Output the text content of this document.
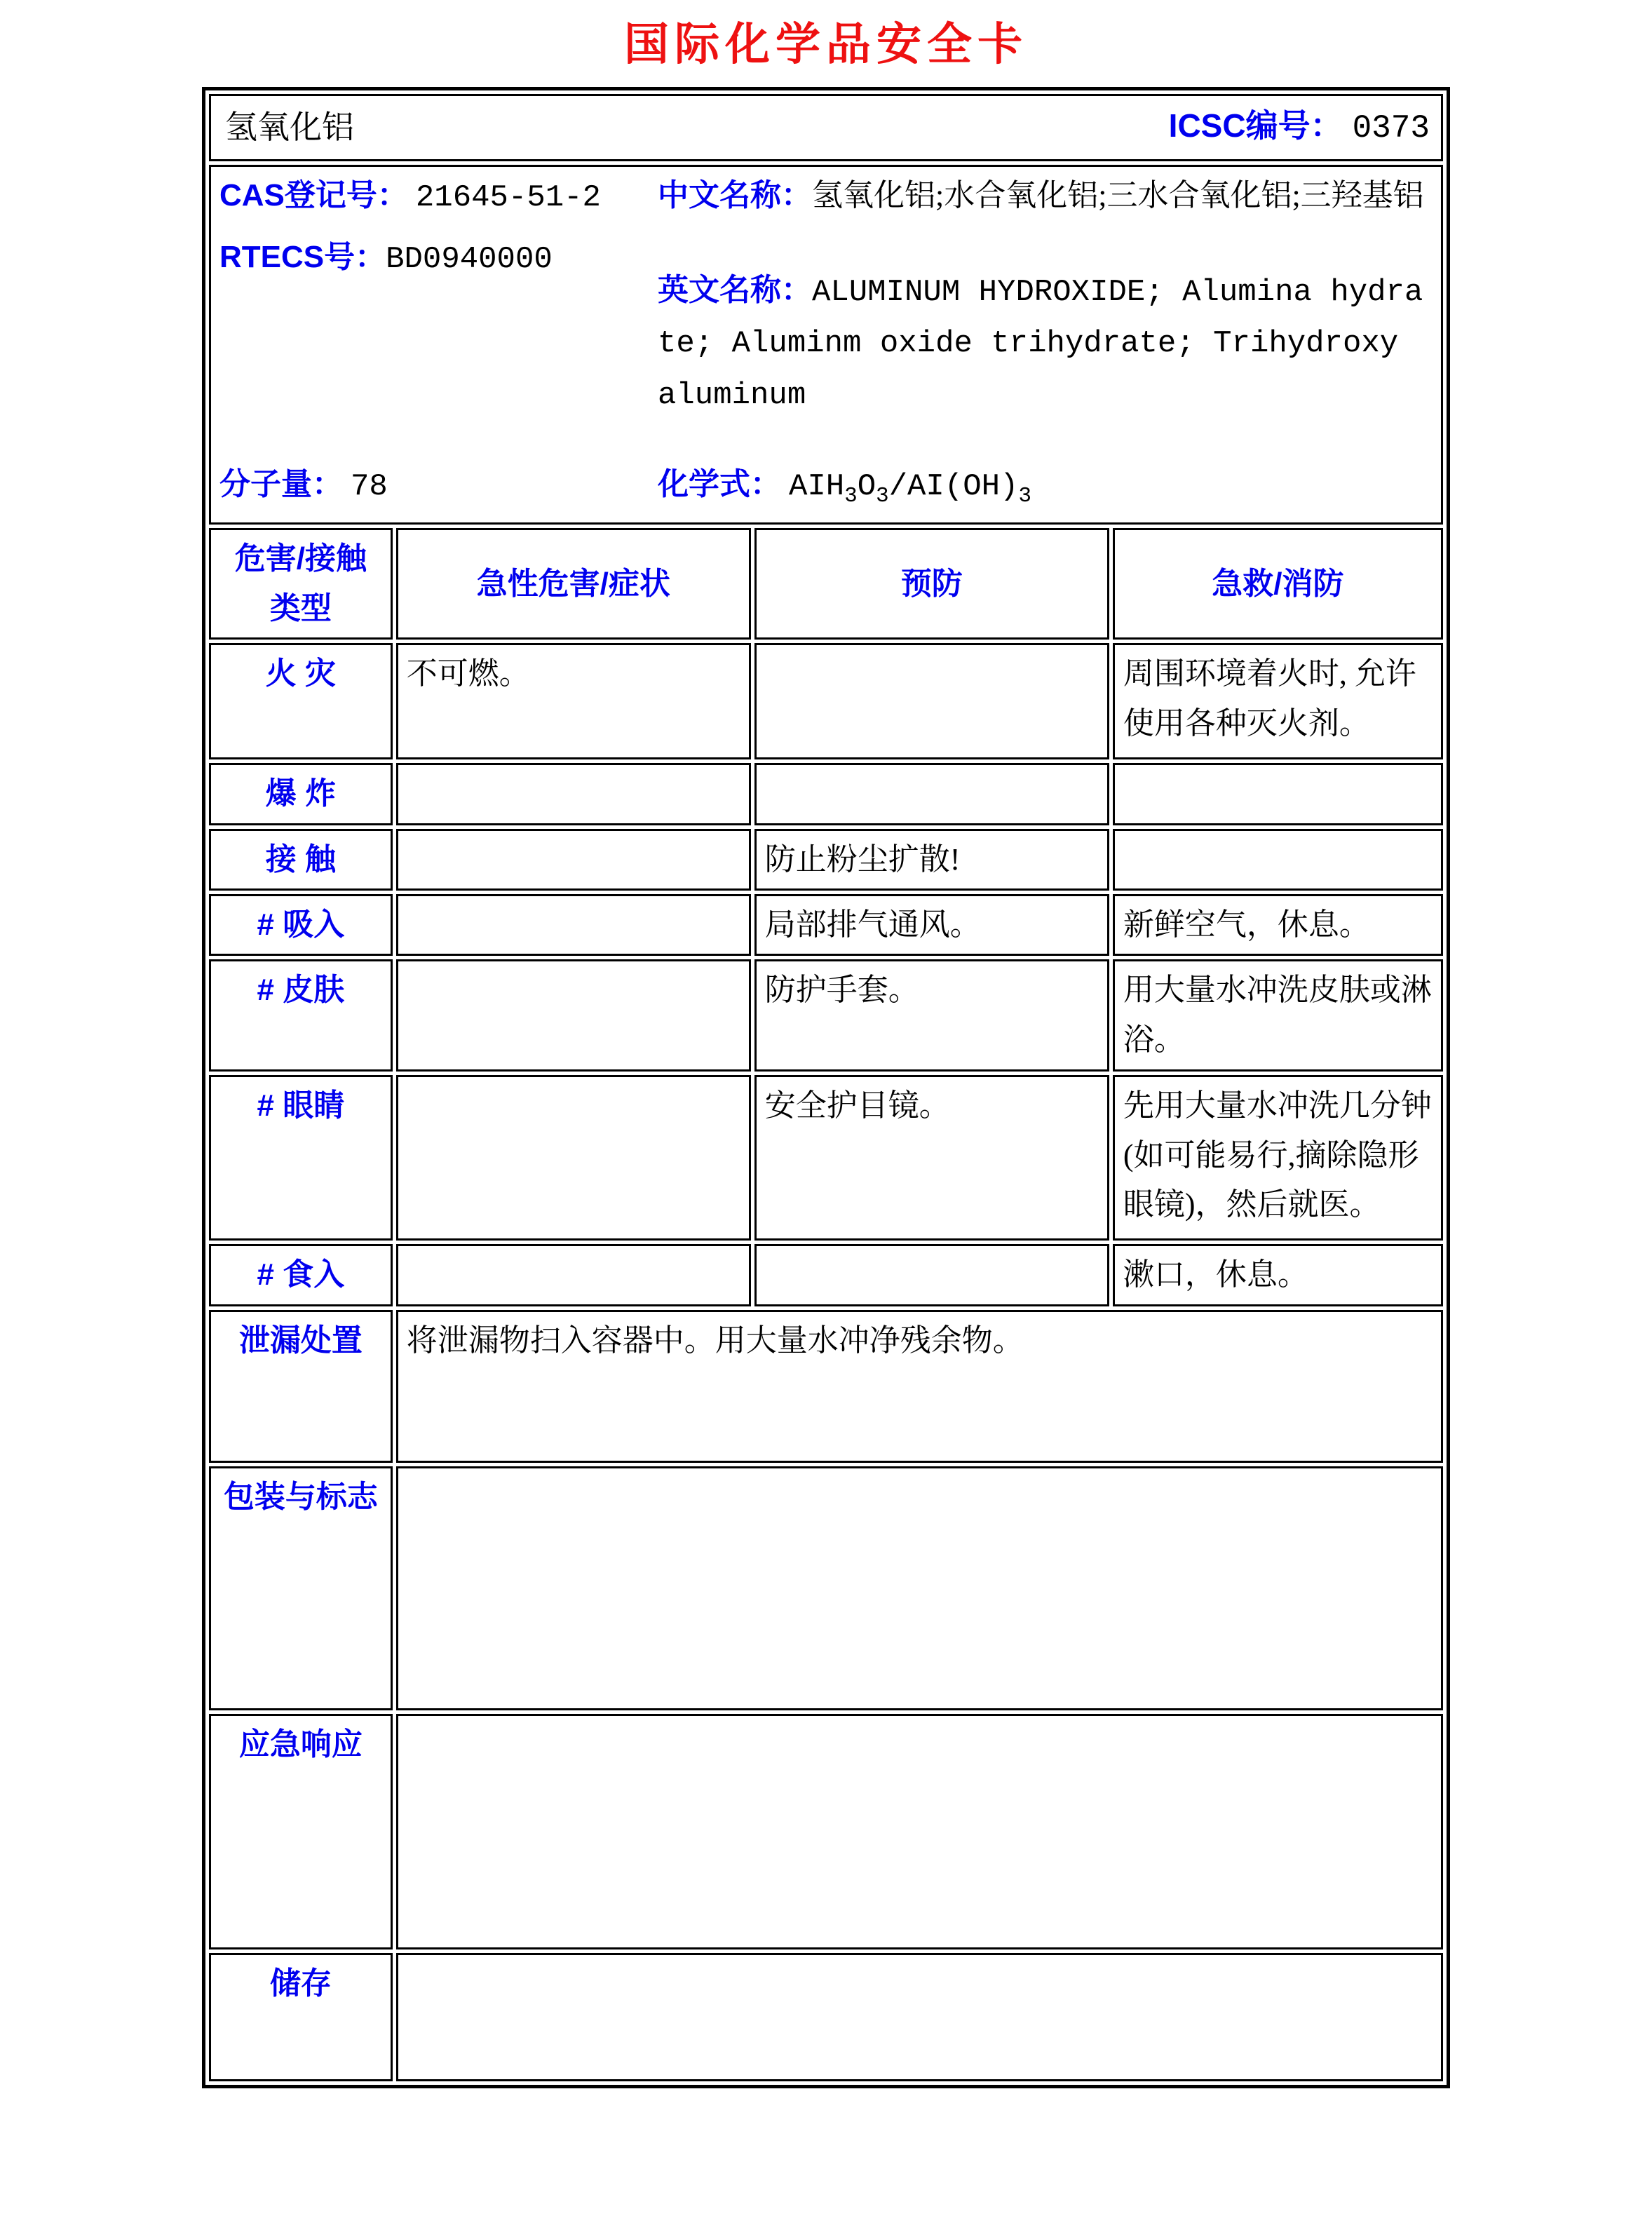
国际化学品安全卡
氢氧化铝 ICSC编号： 0373			

CAS登记号： 21645-51-2

RTECS号：BD0940000

中文名称：氢氧化铝;水合氧化铝;三水合氧化铝;三羟基铝

英文名称：ALUMINUM HYDROXIDE; Alumina hydrate; Aluminm oxide trihydrate; Trihydroxy aluminum

分子量： 78	化学式： $AIH_3O_3/AI(OH)_3$

危害/接触类型	急性危害/症状	预防	急救/消防
火 灾	不可燃。		周围环境着火时, 允许使用各种灭火剂。
爆 炸			
接 触		防止粉尘扩散!	
# 吸入		局部排气通风。	新鲜空气，休息。
# 皮肤		防护手套。	用大量水冲洗皮肤或淋浴。
# 眼睛		安全护目镜。	先用大量水冲洗几分钟(如可能易行,摘除隐形眼镜)，然后就医。
# 食入			漱口，休息。
泄漏处置	将泄漏物扫入容器中。用大量水冲净残余物。		
包装与标志			
应急响应			
储存			
